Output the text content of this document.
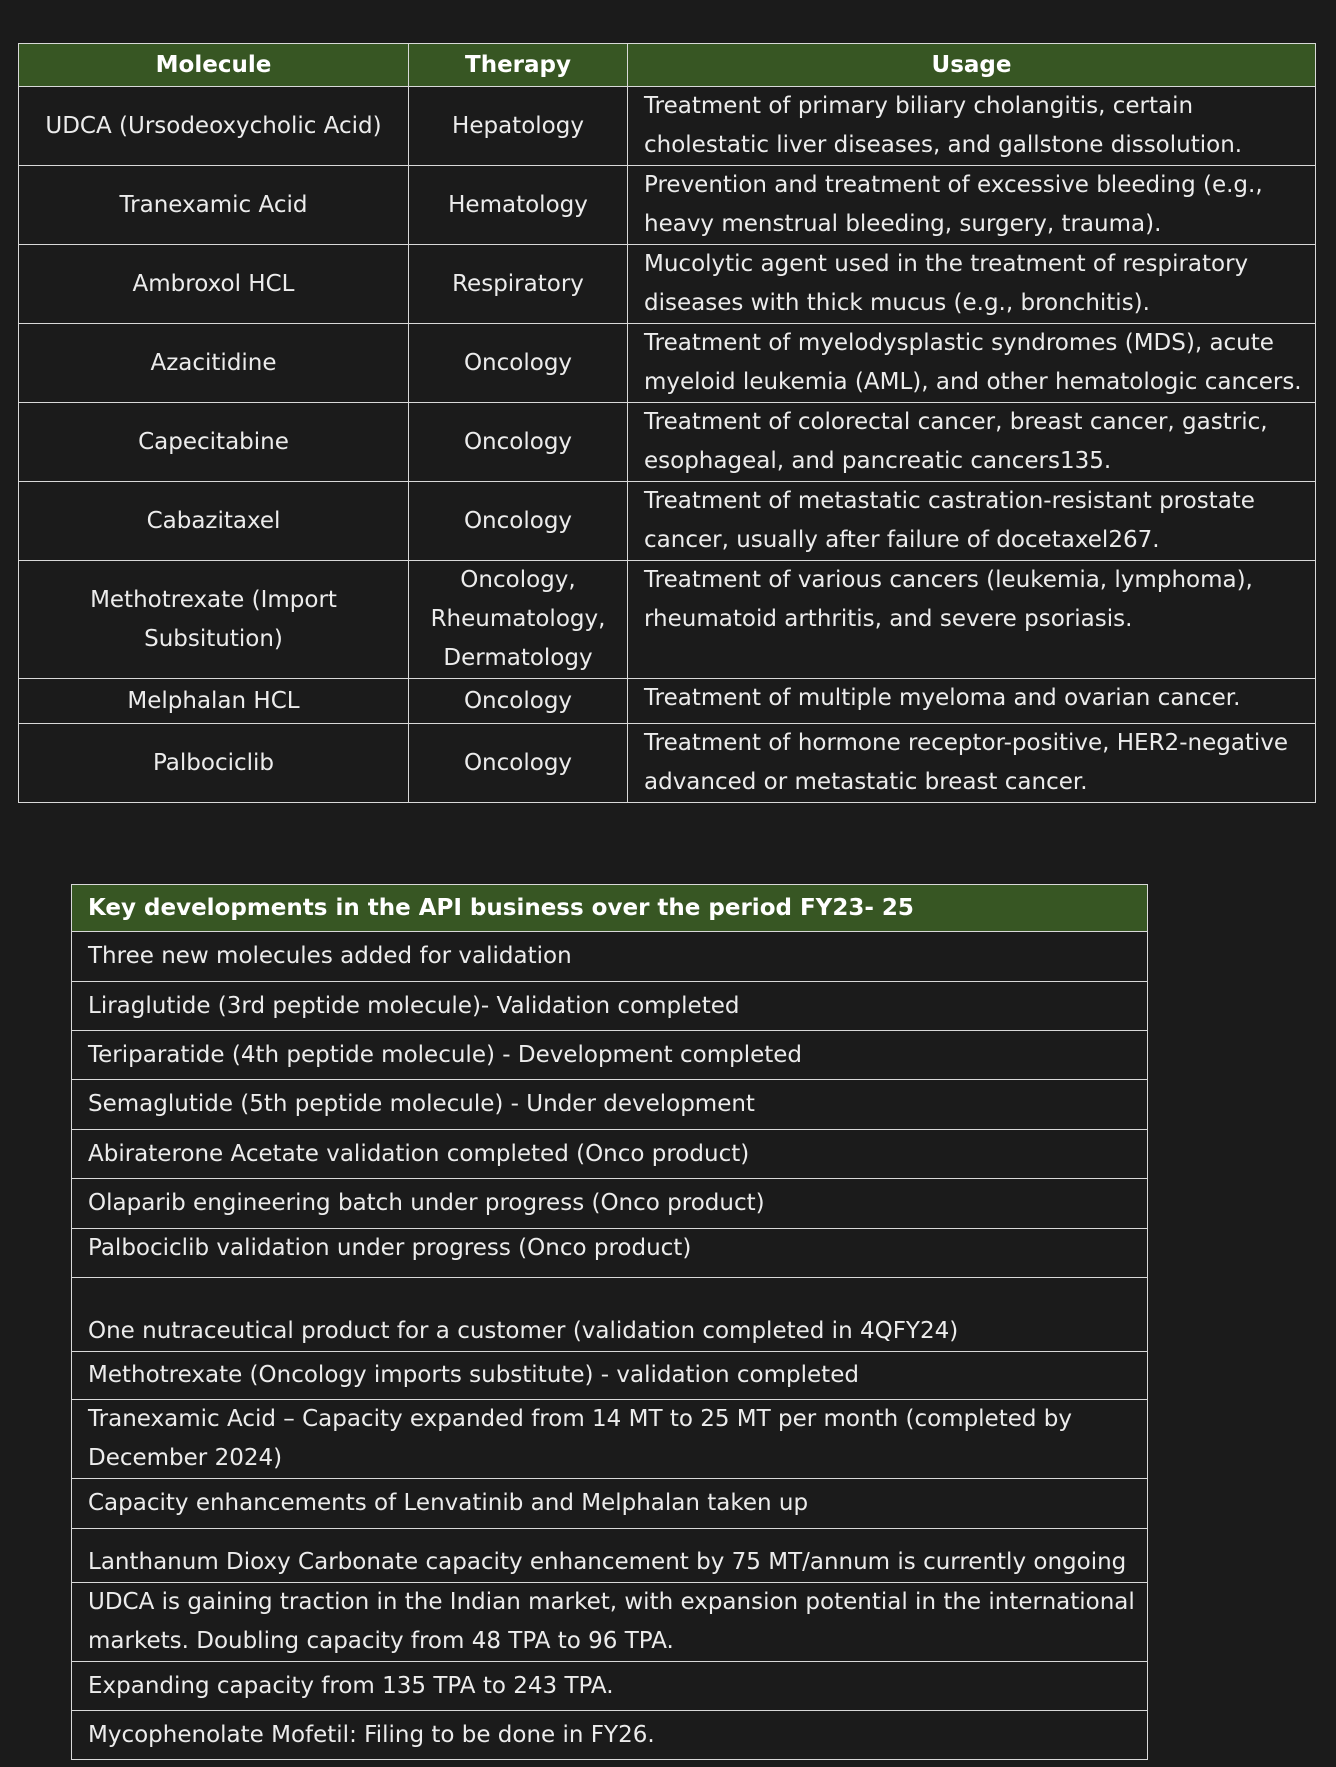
Molecule	Therapy	Usage
UDCA (Ursodeoxycholic Acid)	Hepatology	Treatment of primary biliary cholangitis, certain cholestatic liver diseases, and gallstone dissolution.
Tranexamic Acid	Hematology	Prevention and treatment of excessive bleeding (e.g., heavy menstrual bleeding, surgery, trauma).
Ambroxol HCL	Respiratory	Mucolytic agent used in the treatment of respiratory diseases with thick mucus (e.g., bronchitis).
Azacitidine	Oncology	Treatment of myelodysplastic syndromes (MDS), acute myeloid leukemia (AML), and other hematologic cancers.
Capecitabine	Oncology	Treatment of colorectal cancer, breast cancer, gastric, esophageal, and pancreatic cancers135.
Cabazitaxel	Oncology	Treatment of metastatic castration-resistant prostate cancer, usually after failure of docetaxel267.
Methotrexate (Import Subsitution)	Oncology, Rheumatology, Dermatology	Treatment of various cancers (leukemia, lymphoma), rheumatoid arthritis, and severe psoriasis.
Melphalan HCL	Oncology	Treatment of multiple myeloma and ovarian cancer.
Palbociclib	Oncology	Treatment of hormone receptor-positive, HER2-negative advanced or metastatic breast cancer.
Key developments in the API business over the period FY23- 25
Three new molecules added for validation
Liraglutide (3rd peptide molecule)- Validation completed
Teriparatide (4th peptide molecule) - Development completed
Semaglutide (5th peptide molecule) - Under development
Abiraterone Acetate validation completed (Onco product)
Olaparib engineering batch under progress (Onco product)
Palbociclib validation under progress (Onco product)
One nutraceutical product for a customer (validation completed in 4QFY24)
Methotrexate (Oncology imports substitute) - validation completed
Tranexamic Acid – Capacity expanded from 14 MT to 25 MT per month (completed by December 2024)
Capacity enhancements of Lenvatinib and Melphalan taken up
Lanthanum Dioxy Carbonate capacity enhancement by 75 MT/annum is currently ongoing
UDCA is gaining traction in the Indian market, with expansion potential in the international markets. Doubling capacity from 48 TPA to 96 TPA.
Expanding capacity from 135 TPA to 243 TPA.
Mycophenolate Mofetil: Filing to be done in FY26.
